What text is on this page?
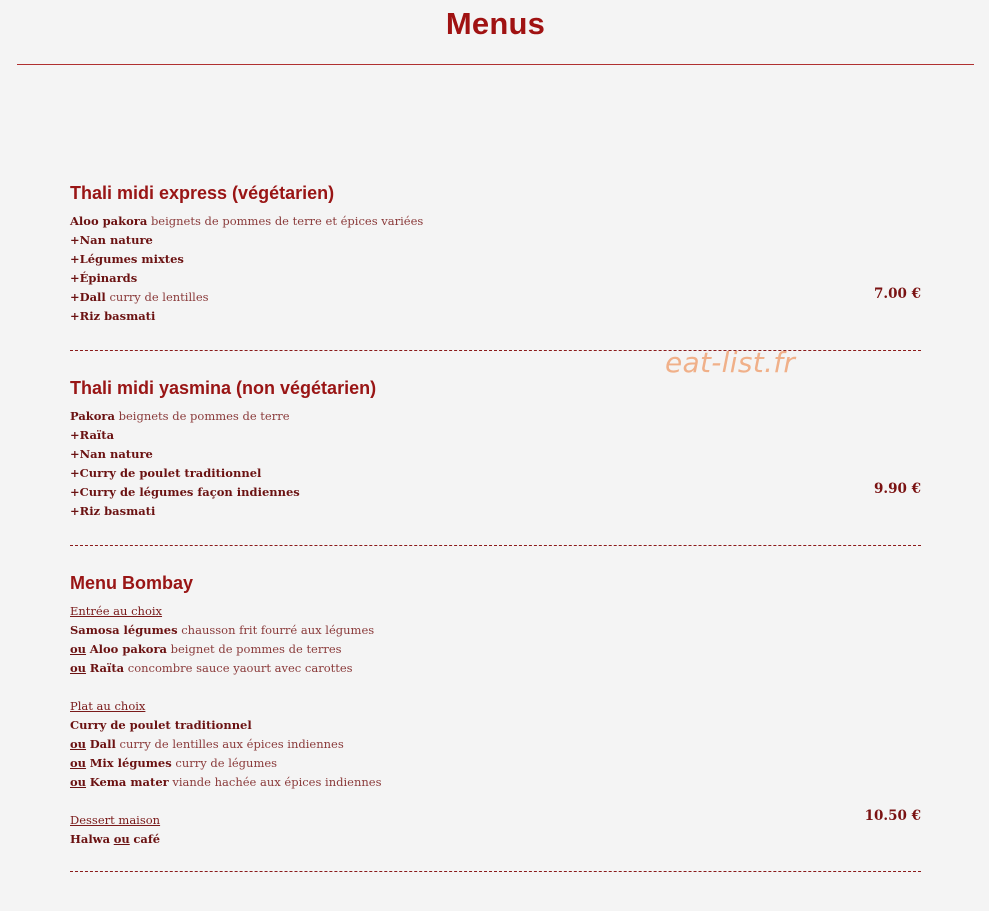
Menus
eat-list.fr
Thali midi express (végétarien)
Aloo pakora beignets de pommes de terre et épices variées
+Nan nature
+Légumes mixtes
+Épinards
+Dall curry de lentilles
+Riz basmati
7.00 €
Thali midi yasmina (non végétarien)
Pakora beignets de pommes de terre
+Raïta
+Nan nature
+Curry de poulet traditionnel
+Curry de légumes façon indiennes
+Riz basmati
9.90 €
Menu Bombay
Entrée au choix
Samosa légumes chausson frit fourré aux légumes
ou Aloo pakora beignet de pommes de terres
ou Raïta concombre sauce yaourt avec carottes
Plat au choix
Curry de poulet traditionnel
ou Dall curry de lentilles aux épices indiennes
ou Mix légumes curry de légumes
ou Kema mater viande hachée aux épices indiennes
Dessert maison
Halwa ou café
10.50 €
